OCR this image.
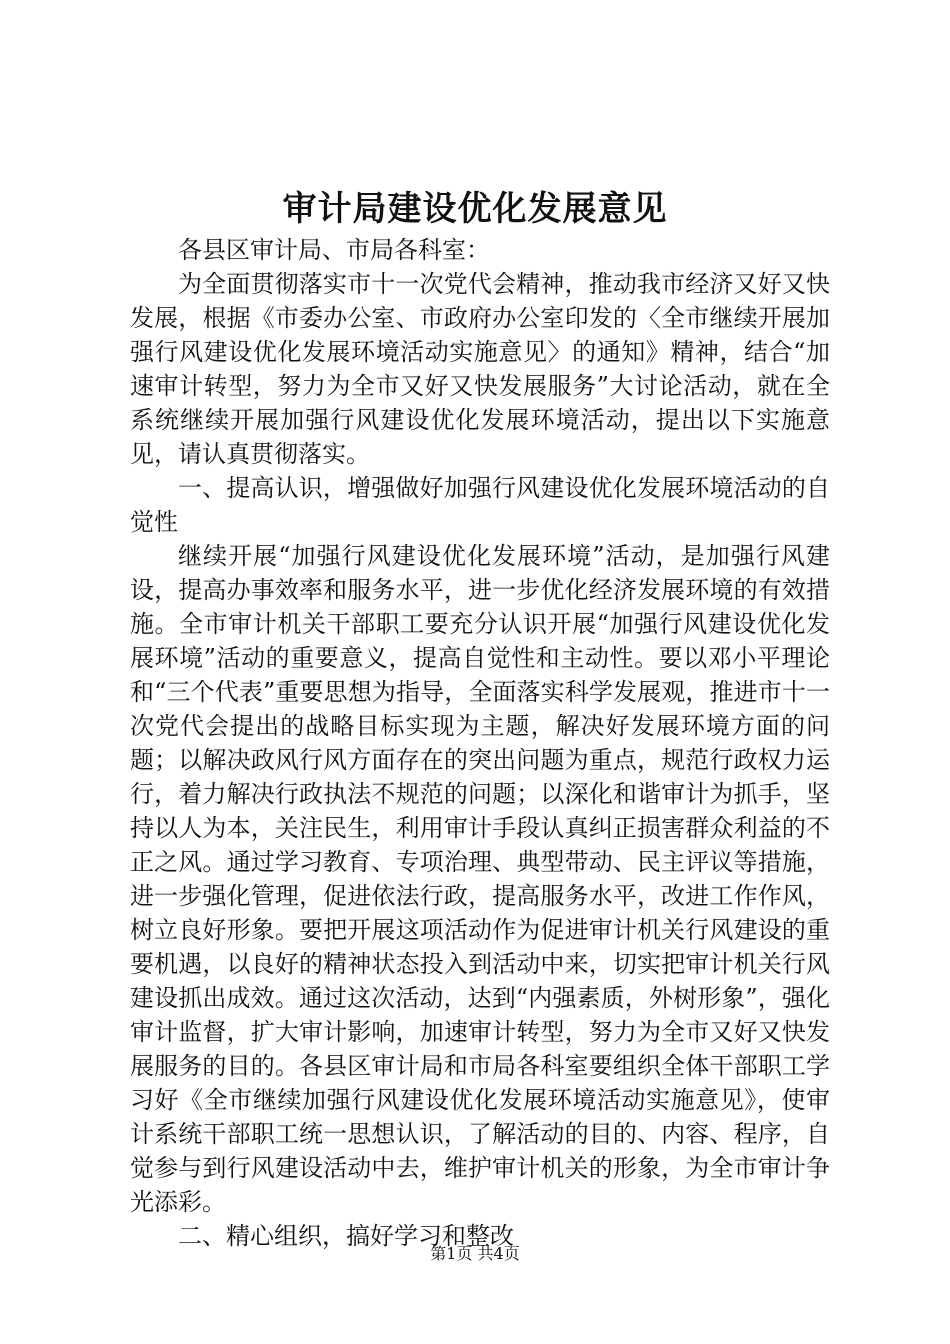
审计局建设优化发展意见

各县区审计局、市局各科室：

为全面贯彻落实市十一次党代会精神，推动我市经济又好又快发展，根据《市委办公室、市政府办公室印发的〈全市继续开展加强行风建设优化发展环境活动实施意见〉的通知》精神，结合“加速审计转型，努力为全市又好又快发展服务”大讨论活动，就在全系统继续开展加强行风建设优化发展环境活动，提出以下实施意见，请认真贯彻落实。

一、提高认识，增强做好加强行风建设优化发展环境活动的自觉性

继续开展“加强行风建设优化发展环境”活动，是加强行风建设，提高办事效率和服务水平，进一步优化经济发展环境的有效措施。全市审计机关干部职工要充分认识开展“加强行风建设优化发展环境”活动的重要意义，提高自觉性和主动性。要以邓小平理论和“三个代表”重要思想为指导，全面落实科学发展观，推进市十一次党代会提出的战略目标实现为主题，解决好发展环境方面的问题；以解决政风行风方面存在的突出问题为重点，规范行政权力运行，着力解决行政执法不规范的问题；以深化和谐审计为抓手，坚持以人为本，关注民生，利用审计手段认真纠正损害群众利益的不正之风。通过学习教育、专项治理、典型带动、民主评议等措施，进一步强化管理，促进依法行政，提高服务水平，改进工作作风，树立良好形象。要把开展这项活动作为促进审计机关行风建设的重要机遇，以良好的精神状态投入到活动中来，切实把审计机关行风建设抓出成效。通过这次活动，达到“内强素质，外树形象”，强化审计监督，扩大审计影响，加速审计转型，努力为全市又好又快发展服务的目的。各县区审计局和市局各科室要组织全体干部职工学习好《全市继续加强行风建设优化发展环境活动实施意见》，使审计系统干部职工统一思想认识，了解活动的目的、内容、程序，自觉参与到行风建设活动中去，维护审计机关的形象，为全市审计争光添彩。

二、精心组织，搞好学习和整改

第1页 共4页
